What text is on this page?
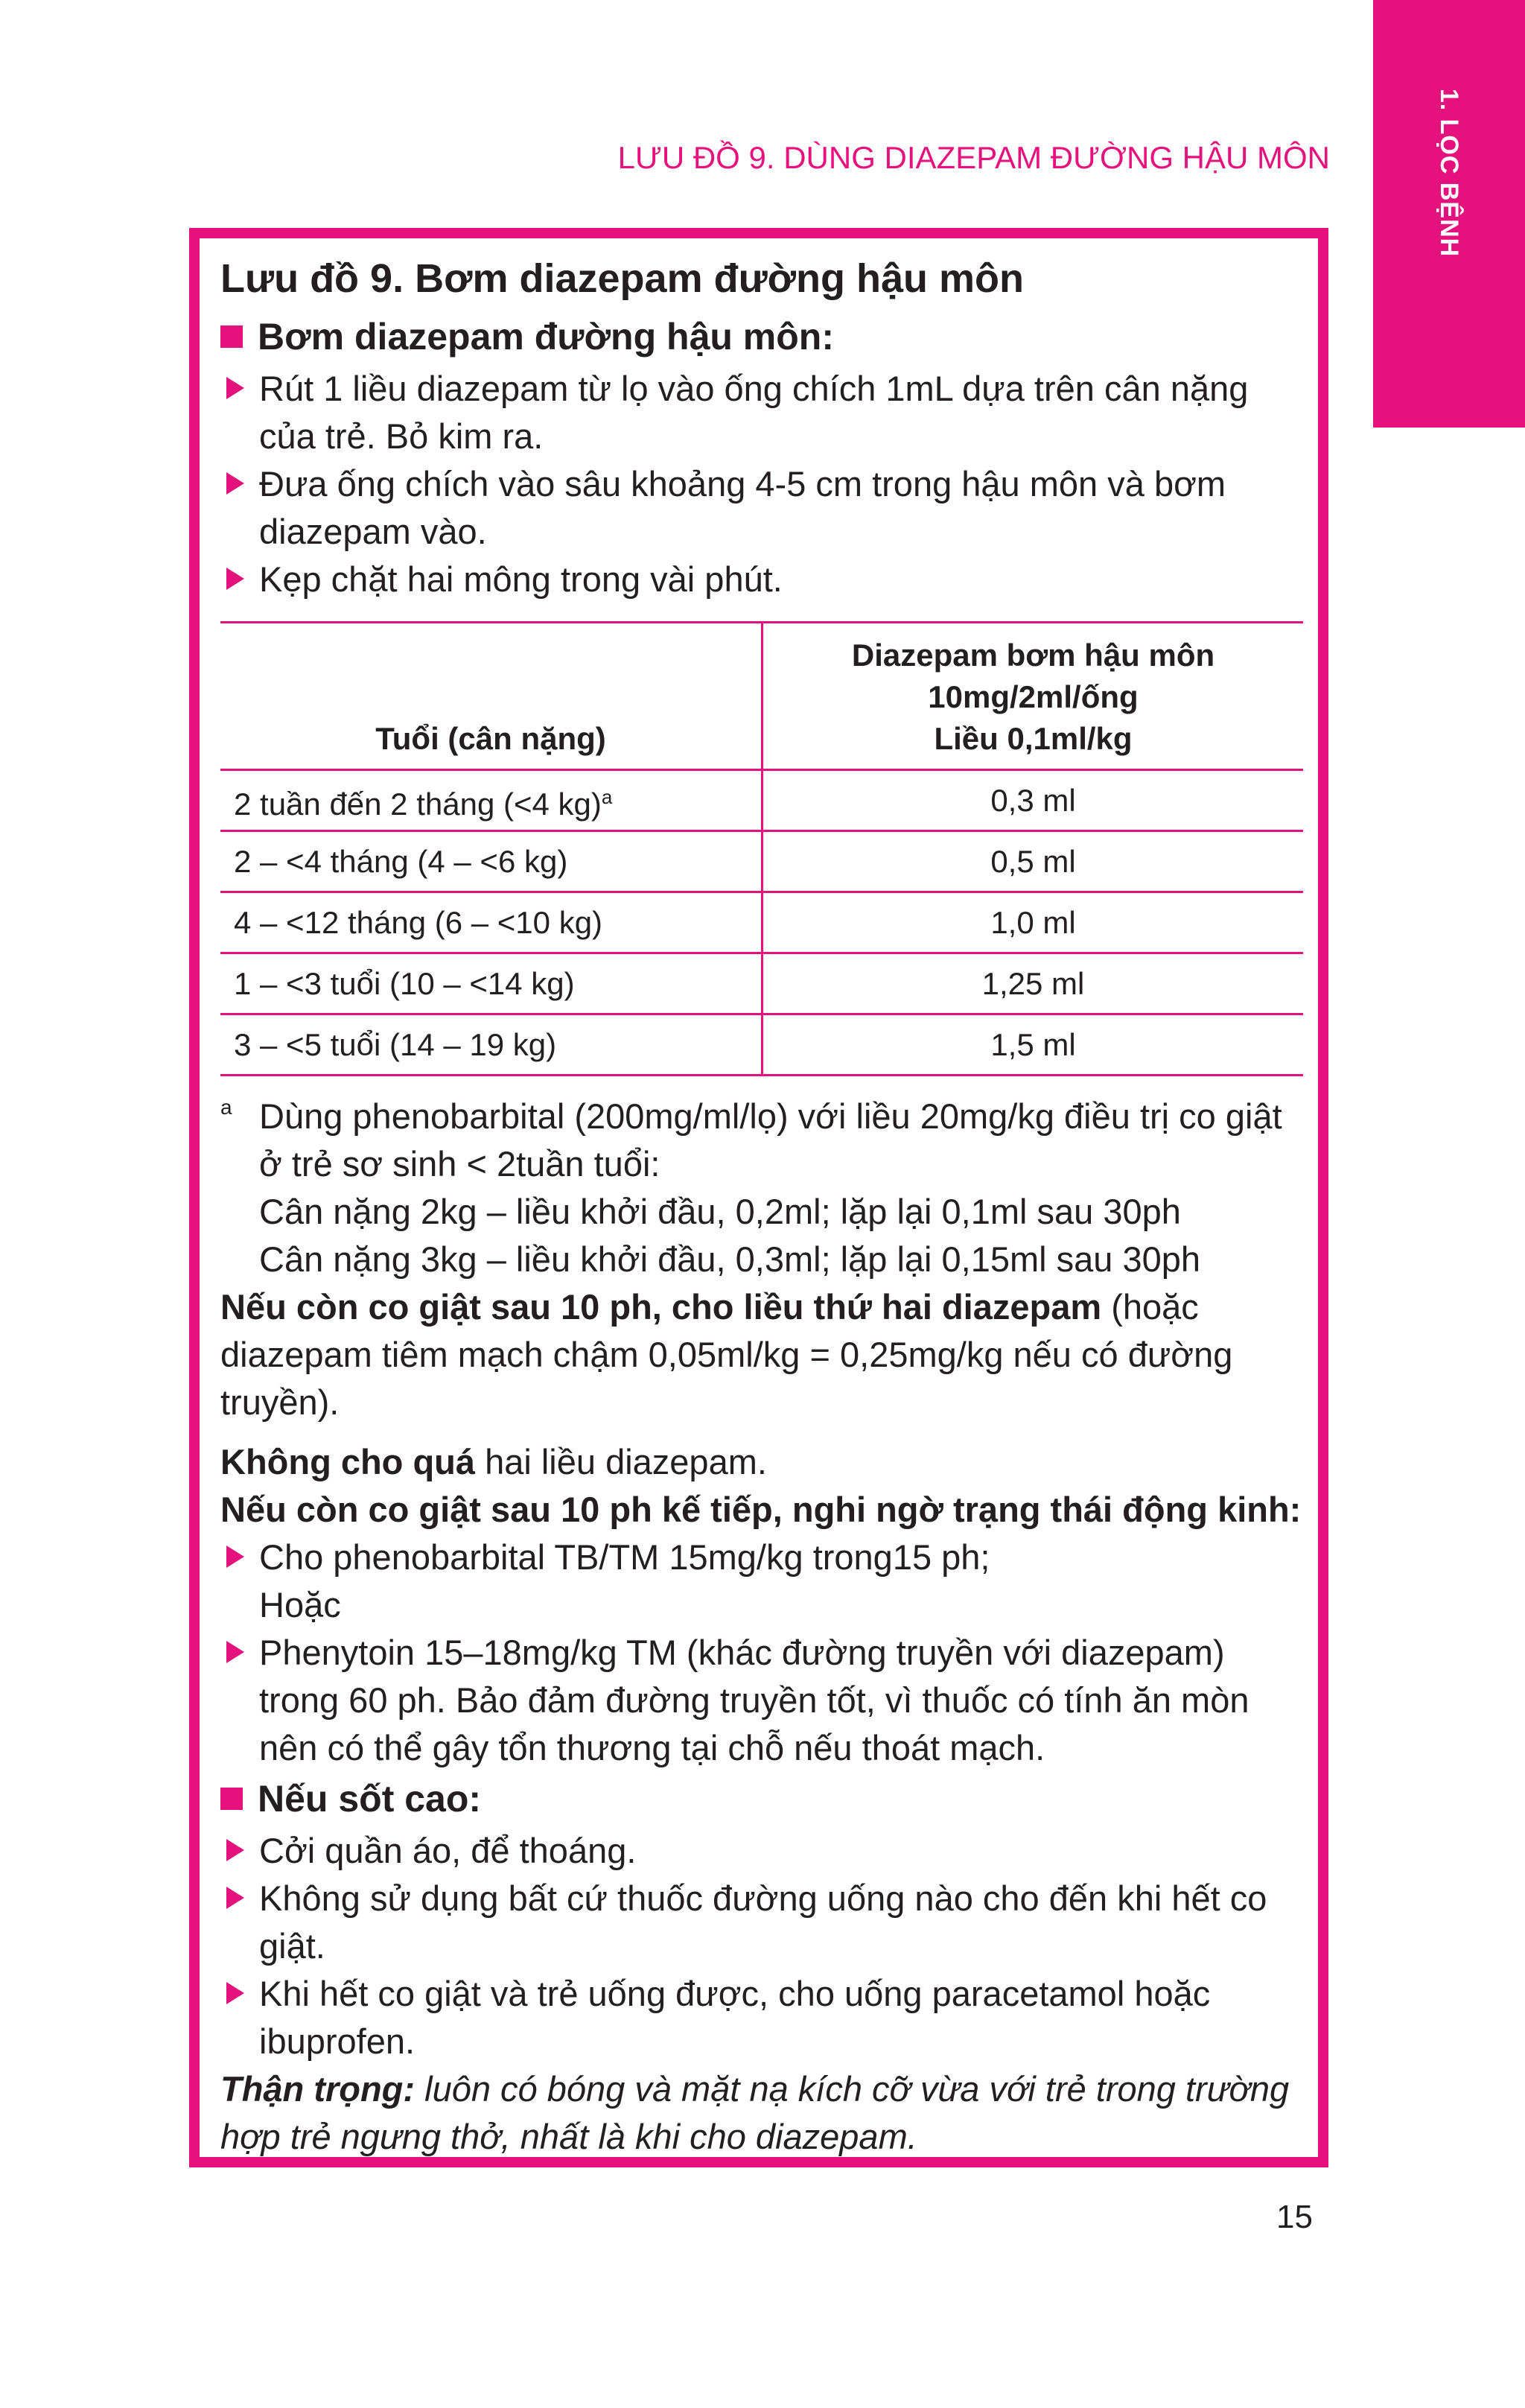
1. LỌC BỆNH
LƯU ĐỒ 9. DÙNG DIAZEPAM ĐƯỜNG HẬU MÔN
Lưu đồ 9. Bơm diazepam đường hậu môn
Bơm diazepam đường hậu môn:

Rút 1 liều diazepam từ lọ vào ống chích 1mL dựa trên cân nặng của trẻ. Bỏ kim ra.

Đưa ống chích vào sâu khoảng 4-5 cm trong hậu môn và bơm diazepam vào.

Kẹp chặt hai mông trong vài phút.

Tuổi (cân nặng)	Diazepam bơm hậu môn
10mg/2ml/ống
Liều 0,1ml/kg

2 tuần đến 2 tháng (<4 kg)$^a$	0,3 ml
2 – <4 tháng (4 – <6 kg)	0,5 ml
4 – <12 tháng (6 – <10 kg)	1,0 ml
1 – <3 tuổi (10 – <14 kg)	1,25 ml
3 – <5 tuổi (14 – 19 kg)	1,5 ml
a Dùng phenobarbital (200mg/ml/lọ) với liều 20mg/kg điều trị co giật ở trẻ sơ sinh < 2tuần tuổi:
Cân nặng 2kg – liều khởi đầu, 0,2ml; lặp lại 0,1ml sau 30ph
Cân nặng 3kg – liều khởi đầu, 0,3ml; lặp lại 0,15ml sau 30ph

Nếu còn co giật sau 10 ph, cho liều thứ hai diazepam (hoặc diazepam tiêm mạch chậm 0,05ml/kg = 0,25mg/kg nếu có đường truyền).

Không cho quá hai liều diazepam.

Nếu còn co giật sau 10 ph kế tiếp, nghi ngờ trạng thái động kinh:

Cho phenobarbital TB/TM 15mg/kg trong15 ph;
Hoặc

Phenytoin 15–18mg/kg TM (khác đường truyền với diazepam) trong 60 ph. Bảo đảm đường truyền tốt, vì thuốc có tính ăn mòn nên có thể gây tổn thương tại chỗ nếu thoát mạch.

Nếu sốt cao:

Cởi quần áo, để thoáng.

Không sử dụng bất cứ thuốc đường uống nào cho đến khi hết co giật.

Khi hết co giật và trẻ uống được, cho uống paracetamol hoặc ibuprofen.

Thận trọng: luôn có bóng và mặt nạ kích cỡ vừa với trẻ trong trường hợp trẻ ngưng thở, nhất là khi cho diazepam.

15
